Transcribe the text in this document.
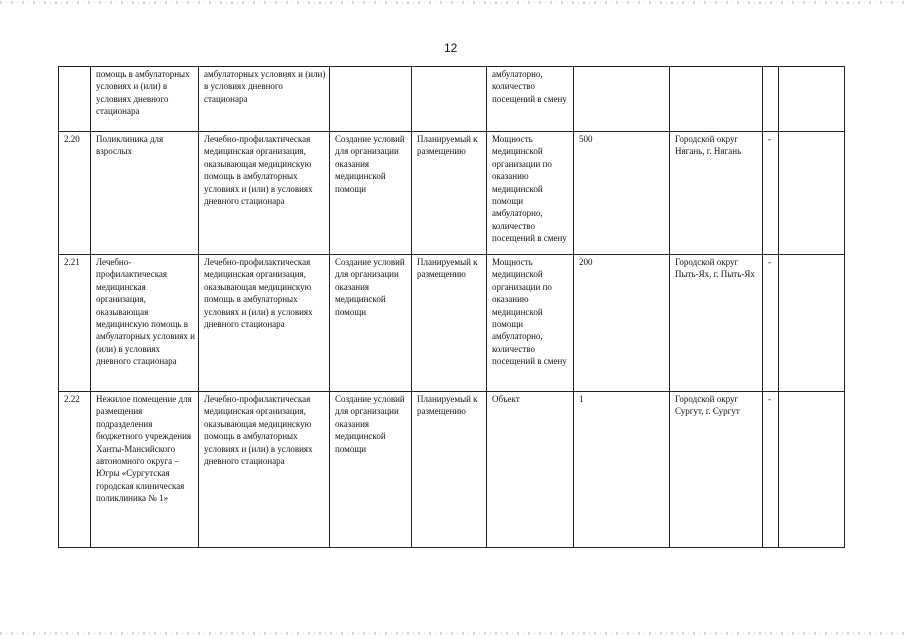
12
	помощь в амбулаторных условиях и (или) в условиях дневного стационара	амбулаторных условиях и (или) в условиях дневного стационара			амбулаторно, количество посещений в смену				
2.20	Поликлиника для взрослых	Лечебно-профилактическая медицинская организация, оказывающая медицинскую помощь в амбулаторных условиях и (или) в условиях дневного стационара	Создание условий для организации оказания медицинской помощи	Планируемый к размещению	Мощность медицинской организации по оказанию медицинской помощи амбулаторно, количество посещений в смену	500	Городской округ Нягань, г. Нягань	-	
2.21	Лечебно-профилактическая медицинская организация, оказывающая медицинскую помощь в амбулаторных условиях и (или) в условиях дневного стационара	Лечебно-профилактическая медицинская организация, оказывающая медицинскую помощь в амбулаторных условиях и (или) в условиях дневного стационара	Создание условий для организации оказания медицинской помощи	Планируемый к размещению	Мощность медицинской организации по оказанию медицинской помощи амбулаторно, количество посещений в смену	200	Городской округ Пыть-Ях, г. Пыть-Ях	-	
2.22	Нежилое помещение для размещения подразделения бюджетного учреждения Ханты-Мансийского автономного округа – Югры «Сургутская городская клиническая поликлиника № 1»	Лечебно-профилактическая медицинская организация, оказывающая медицинскую помощь в амбулаторных условиях и (или) в условиях дневного стационара	Создание условий для организации оказания медицинской помощи	Планируемый к размещению	Объект	1	Городской округ Сургут, г. Сургут	-	
